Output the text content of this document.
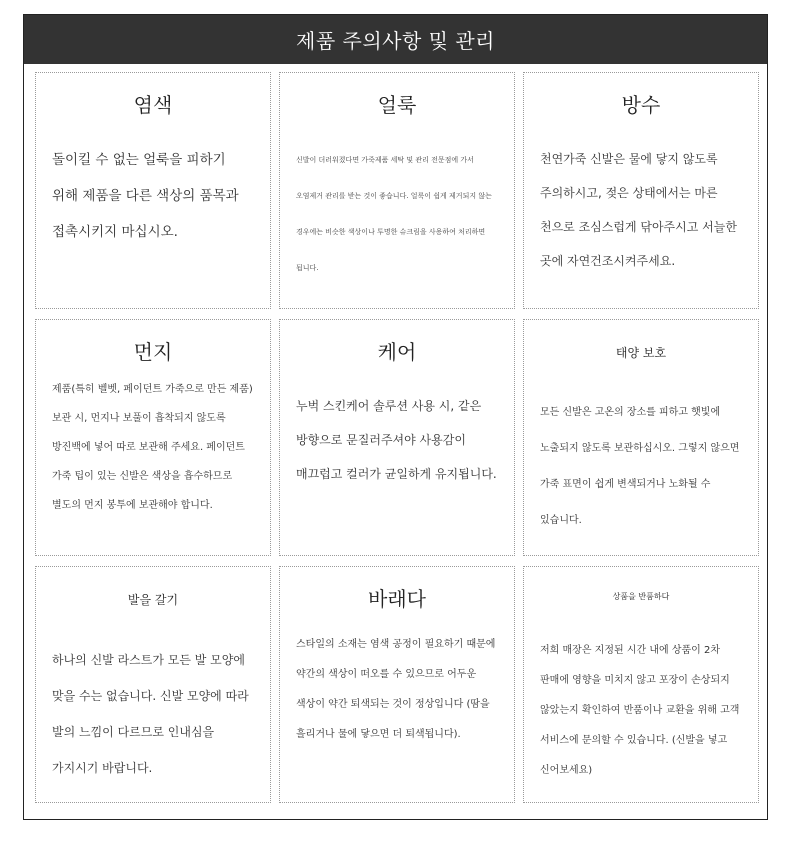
제품 주의사항 및 관리
염색

돌이킬 수 없는 얼룩을 피하기 위해 제품을 다른 색상의 품목과 접촉시키지 마십시오.

얼룩

신발이 더러워졌다면 가죽제품 세탁 및 관리 전문점에 가서 오염제거 관리를 받는 것이 좋습니다. 얼룩이 쉽게 제거되지 않는 경우에는 비슷한 색상이나 투명한 슈크림을 사용하여 처리하면 됩니다.

방수

천연가죽 신발은 물에 닿지 않도록 주의하시고, 젖은 상태에서는 마른 천으로 조심스럽게 닦아주시고 서늘한 곳에 자연건조시켜주세요.

먼지

제품(특히 벨벳, 페이던트 가죽으로 만든 제품) 보관 시, 먼지나 보풀이 흡착되지 않도록 방진백에 넣어 따로 보관해 주세요. 페이던트 가죽 팁이 있는 신발은 색상을 흡수하므로 별도의 먼지 봉투에 보관해야 합니다.

케어

누벅 스킨케어 솔루션 사용 시, 같은 방향으로 문질러주셔야 사용감이 매끄럽고 컬러가 균일하게 유지됩니다.

태양 보호

모든 신발은 고온의 장소를 피하고 햇빛에 노출되지 않도록 보관하십시오. 그렇지 않으면 가죽 표면이 쉽게 변색되거나 노화될 수 있습니다.

발을 갈기

하나의 신발 라스트가 모든 발 모양에 맞을 수는 없습니다. 신발 모양에 따라 발의 느낌이 다르므로 인내심을 가지시기 바랍니다.

바래다

스타일의 소재는 염색 공정이 필요하기 때문에 약간의 색상이 떠오를 수 있으므로 어두운 색상이 약간 퇴색되는 것이 정상입니다 (땀을 흘리거나 물에 닿으면 더 퇴색됩니다).

상품을 반품하다

저희 매장은 지정된 시간 내에 상품이 2차 판매에 영향을 미치지 않고 포장이 손상되지 않았는지 확인하여 반품이나 교환을 위해 고객 서비스에 문의할 수 있습니다. (신발을 넣고 신어보세요)
